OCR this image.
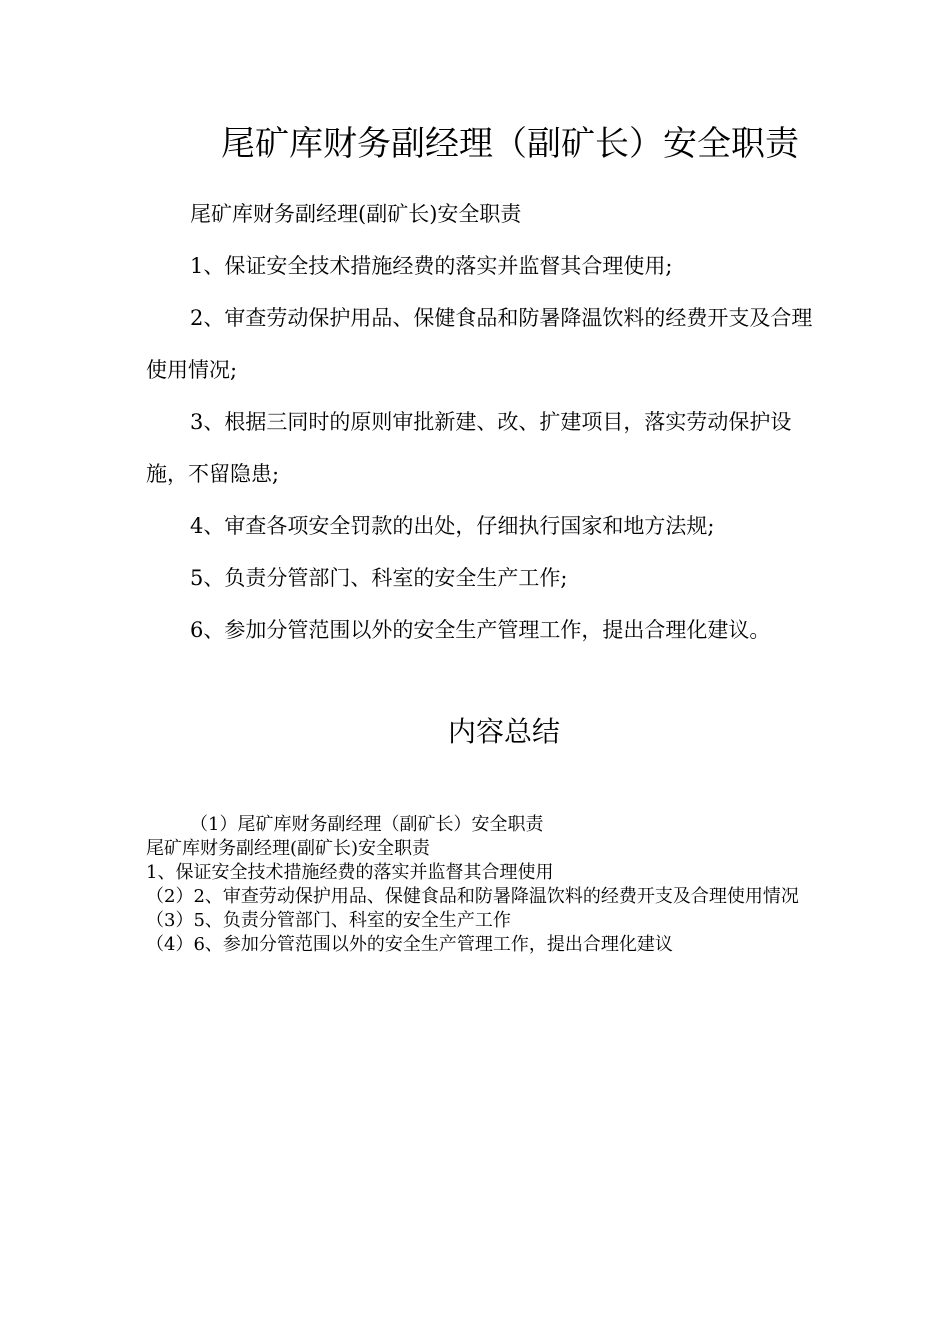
尾矿库财务副经理（副矿长）安全职责

尾矿库财务副经理(副矿长)安全职责

1、保证安全技术措施经费的落实并监督其合理使用;

2、审查劳动保护用品、保健食品和防暑降温饮料的经费开支及合理使用情况;

3、根据三同时的原则审批新建、改、扩建项目，落实劳动保护设施，不留隐患;

4、审查各项安全罚款的出处，仔细执行国家和地方法规;

5、负责分管部门、科室的安全生产工作;

6、参加分管范围以外的安全生产管理工作，提出合理化建议。

内容总结

（1）尾矿库财务副经理（副矿长）安全职责

尾矿库财务副经理(副矿长)安全职责

1、保证安全技术措施经费的落实并监督其合理使用

（2）2、审查劳动保护用品、保健食品和防暑降温饮料的经费开支及合理使用情况

（3）5、负责分管部门、科室的安全生产工作

（4）6、参加分管范围以外的安全生产管理工作，提出合理化建议
